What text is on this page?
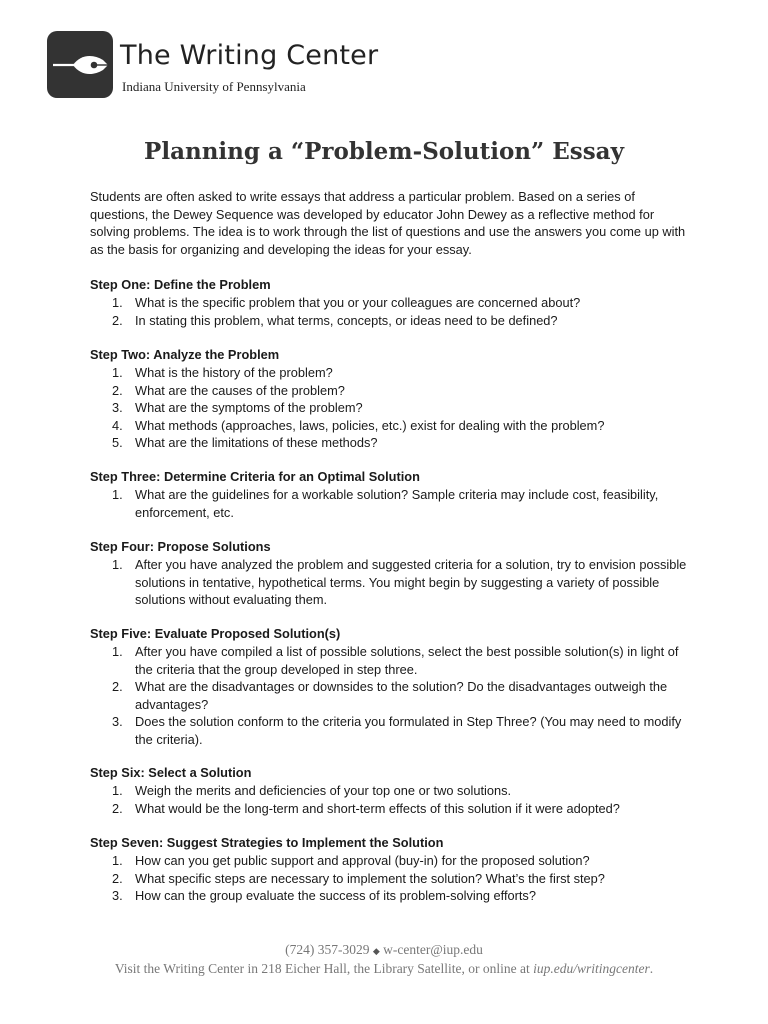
The Writing Center
Indiana University of Pennsylvania
Planning a “Problem-Solution” Essay

Students are often asked to write essays that address a particular problem. Based on a series of questions, the Dewey Sequence was developed by educator John Dewey as a reflective method for solving problems. The idea is to work through the list of questions and use the answers you come up with as the basis for organizing and developing the ideas for your essay.

Step One: Define the Problem
1. What is the specific problem that you or your colleagues are concerned about?
2. In stating this problem, what terms, concepts, or ideas need to be defined?
Step Two: Analyze the Problem
1. What is the history of the problem?
2. What are the causes of the problem?
3. What are the symptoms of the problem?
4. What methods (approaches, laws, policies, etc.) exist for dealing with the problem?
5. What are the limitations of these methods?
Step Three: Determine Criteria for an Optimal Solution
1. What are the guidelines for a workable solution? Sample criteria may include cost, feasibility, enforcement, etc.
Step Four: Propose Solutions
1. After you have analyzed the problem and suggested criteria for a solution, try to envision possible solutions in tentative, hypothetical terms. You might begin by suggesting a variety of possible solutions without evaluating them.
Step Five: Evaluate Proposed Solution(s)
1. After you have compiled a list of possible solutions, select the best possible solution(s) in light of the criteria that the group developed in step three.
2. What are the disadvantages or downsides to the solution? Do the disadvantages outweigh the advantages?
3. Does the solution conform to the criteria you formulated in Step Three? (You may need to modify the criteria).
Step Six: Select a Solution
1. Weigh the merits and deficiencies of your top one or two solutions.
2. What would be the long-term and short-term effects of this solution if it were adopted?
Step Seven: Suggest Strategies to Implement the Solution
1. How can you get public support and approval (buy-in) for the proposed solution?
2. What specific steps are necessary to implement the solution? What’s the first step?
3. How can the group evaluate the success of its problem-solving efforts?
(724) 357-3029 ◆ w-center@iup.edu
Visit the Writing Center in 218 Eicher Hall, the Library Satellite, or online at iup.edu/writingcenter.
